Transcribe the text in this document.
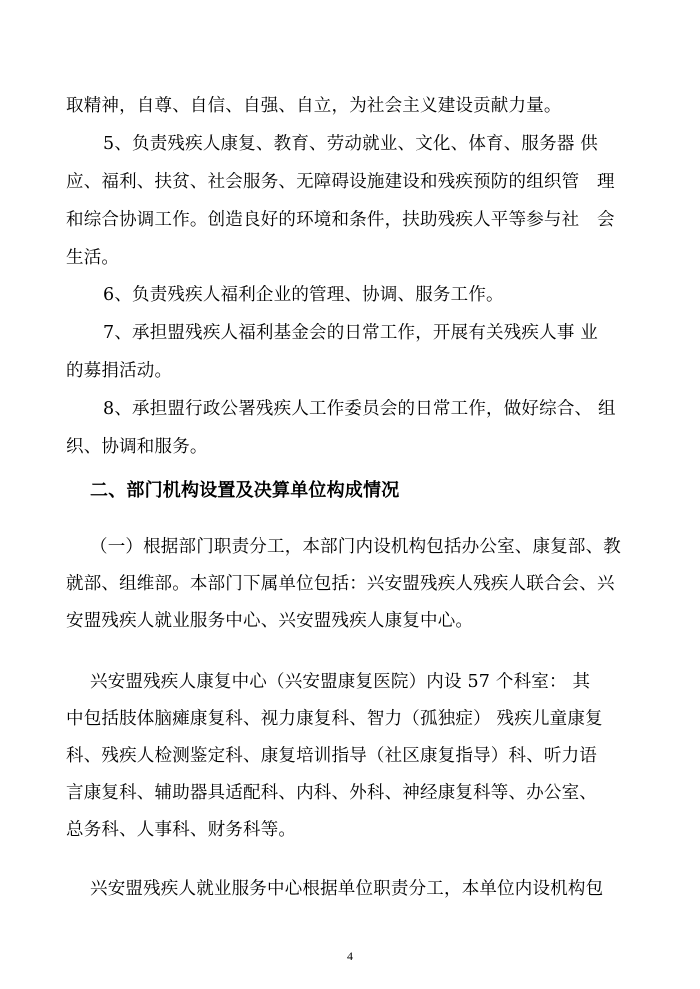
取精神，自尊、自信、自强、自立，为社会主义建设贡献力量。
5、负责残疾人康复、教育、劳动就业、文化、体育、服务器 供
应、福利、扶贫、社会服务、无障碍设施建设和残疾预防的组织管　理
和综合协调工作。创造良好的环境和条件，扶助残疾人平等参与社　会
生活。
6、负责残疾人福利企业的管理、协调、服务工作。
7、承担盟残疾人福利基金会的日常工作，开展有关残疾人事 业
的募捐活动。
8、承担盟行政公署残疾人工作委员会的日常工作，做好综合、 组
织、协调和服务。
二、部门机构设置及决算单位构成情况
（一）根据部门职责分工，本部门内设机构包括办公室、康复部、教
就部、组维部。本部门下属单位包括：兴安盟残疾人残疾人联合会、兴
安盟残疾人就业服务中心、兴安盟残疾人康复中心。
兴安盟残疾人康复中心（兴安盟康复医院）内设 57 个科室： 其
中包括肢体脑瘫康复科、视力康复科、智力（孤独症） 残疾儿童康复
科、残疾人检测鉴定科、康复培训指导（社区康复指导）科、听力语
言康复科、辅助器具适配科、内科、外科、神经康复科等、办公室、
总务科、人事科、财务科等。
兴安盟残疾人就业服务中心根据单位职责分工，本单位内设机构包
4
